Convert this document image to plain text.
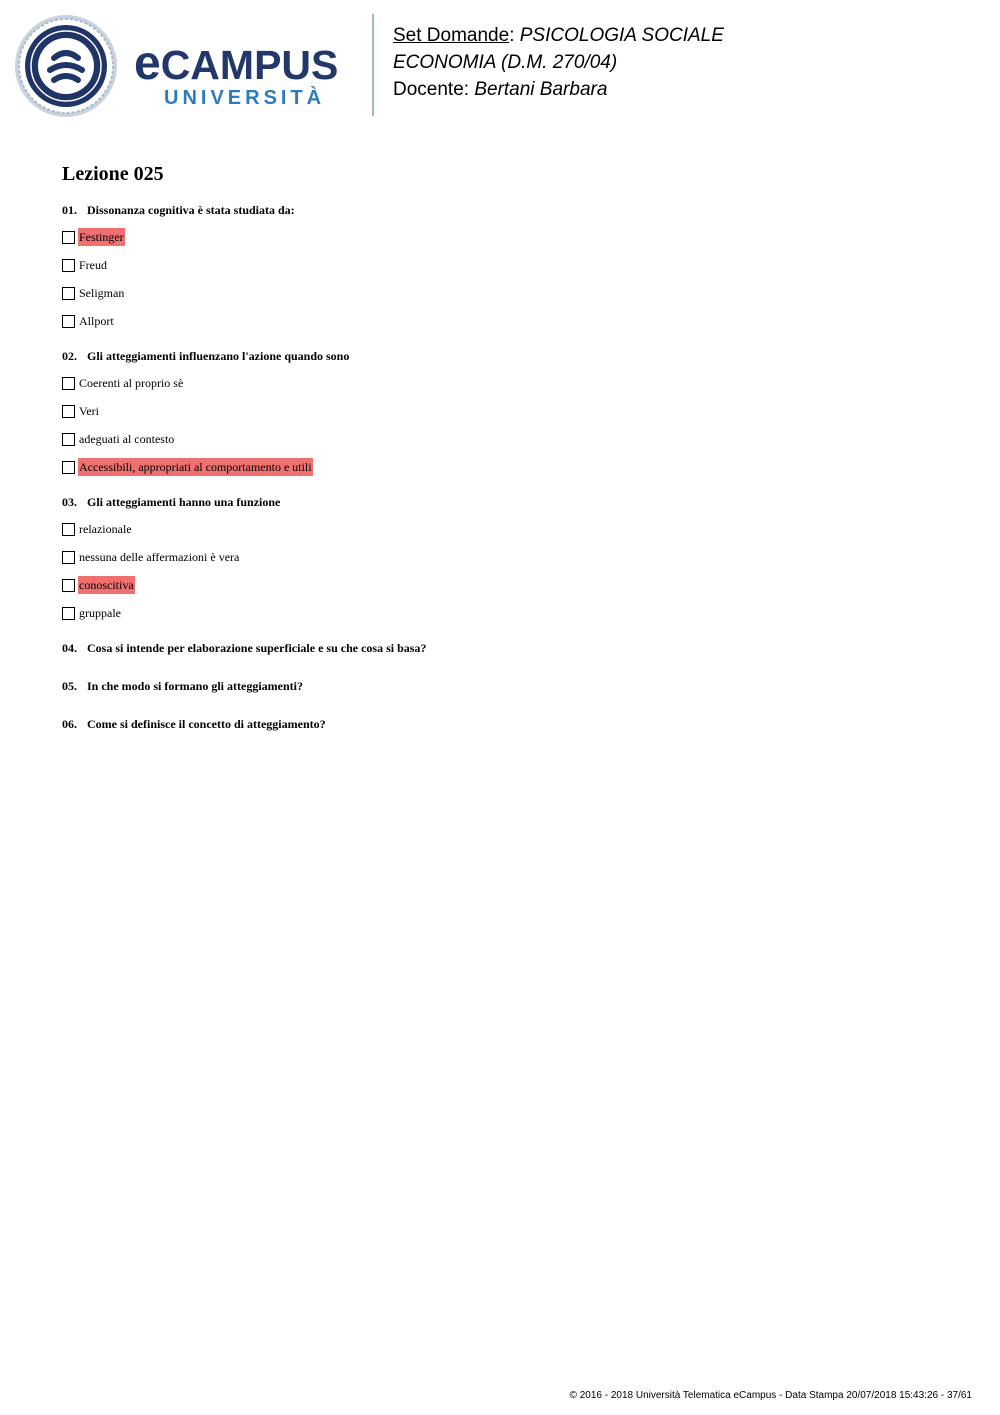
eCAMPUS
UNIVERSITÀ
Set Domande: PSICOLOGIA SOCIALE
ECONOMIA (D.M. 270/04)
Docente: Bertani Barbara
Lezione 025
01. Dissonanza cognitiva è stata studiata da:
Festinger
Freud
Seligman
Allport
02. Gli atteggiamenti influenzano l'azione quando sono
Coerenti al proprio sè
Veri
adeguati al contesto
Accessibili, appropriati al comportamento e utili
03. Gli atteggiamenti hanno una funzione
relazionale
nessuna delle affermazioni è vera
conoscitiva
gruppale
04. Cosa si intende per elaborazione superficiale e su che cosa si basa?
05. In che modo si formano gli atteggiamenti?
06. Come si definisce il concetto di atteggiamento?
© 2016 - 2018 Università Telematica eCampus - Data Stampa 20/07/2018 15:43:26 - 37/61
